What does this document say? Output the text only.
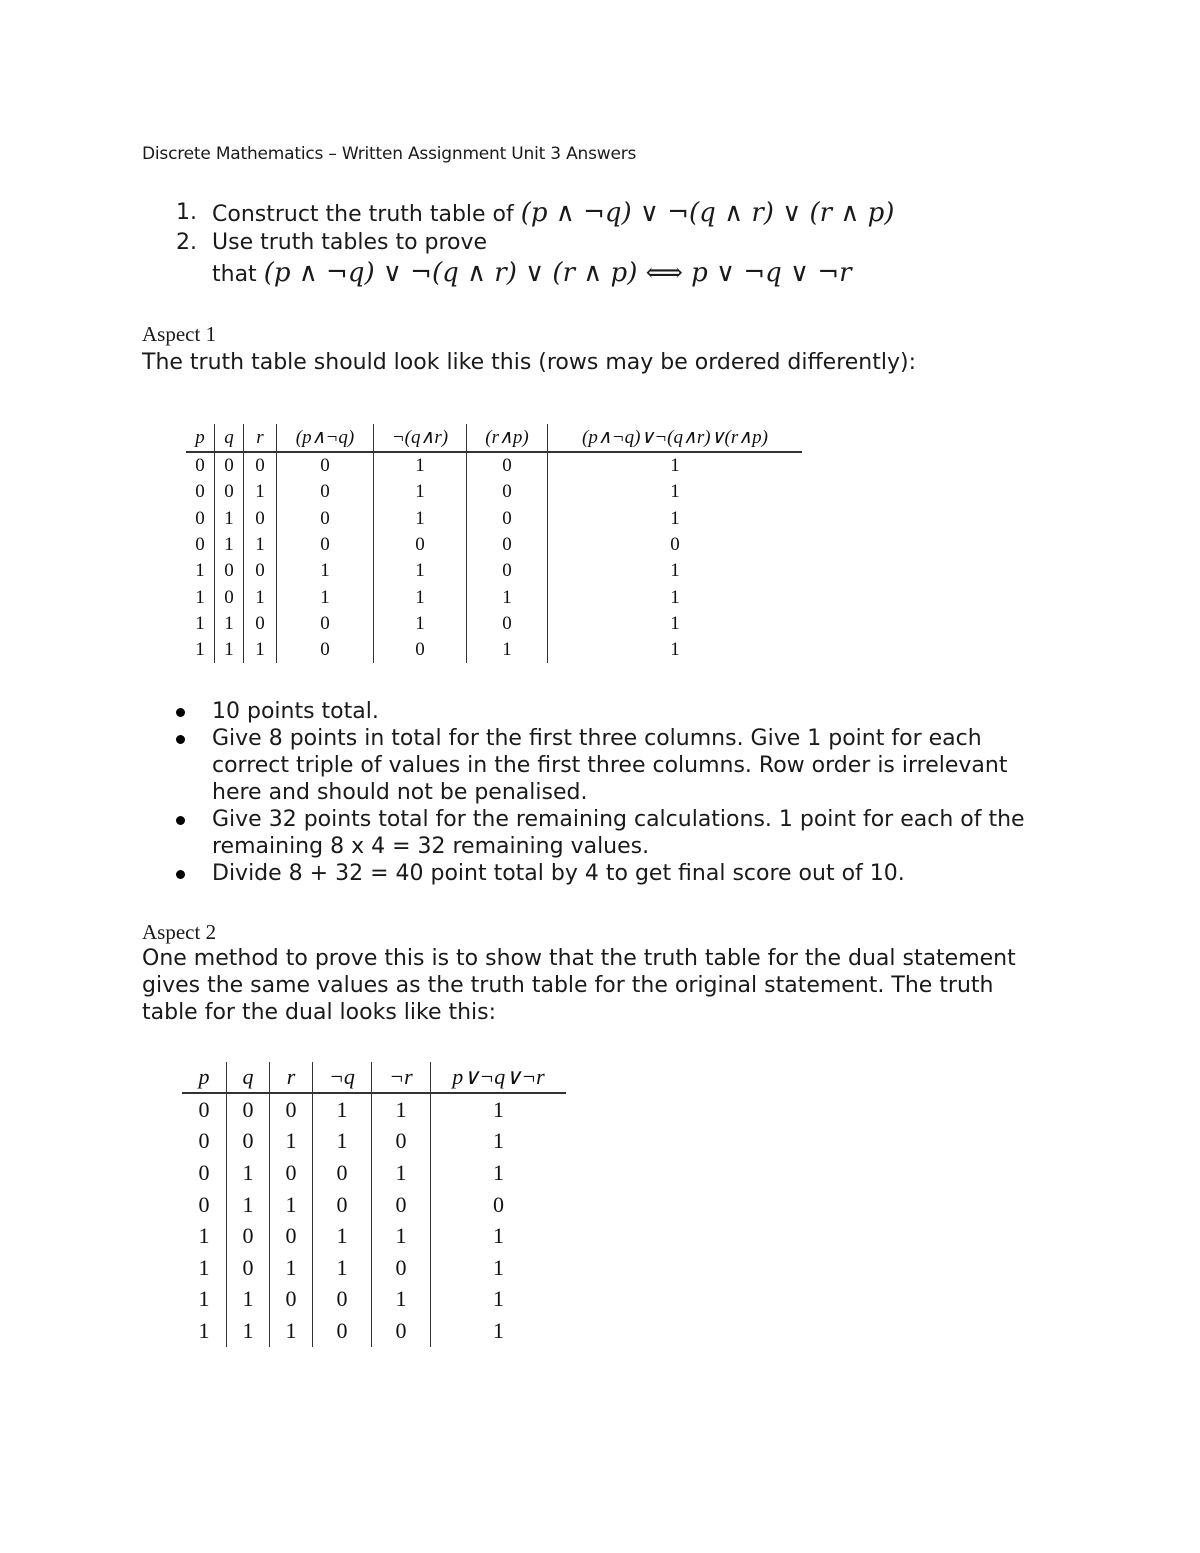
Discrete Mathematics – Written Assignment Unit 3 Answers
1. Construct the truth table of (p ∧ ¬q) ∨ ¬(q ∧ r) ∨ (r ∧ p)
2. Use truth tables to prove
that (p ∧ ¬q) ∨ ¬(q ∧ r) ∨ (r ∧ p) ⟺ p ∨ ¬q ∨ ¬r
Aspect 1
The truth table should look like this (rows may be ordered differently):
p	q	r	(p∧¬q)	¬(q∧r)	(r∧p)	(p∧¬q)∨¬(q∧r)∨(r∧p)
0	0	0	0	1	0	1
0	0	1	0	1	0	1
0	1	0	0	1	0	1
0	1	1	0	0	0	0
1	0	0	1	1	0	1
1	0	1	1	1	1	1
1	1	0	0	1	0	1
1	1	1	0	0	1	1
10 points total.
Give 8 points in total for the first three columns. Give 1 point for each correct triple of values in the first three columns. Row order is irrelevant here and should not be penalised.
Give 32 points total for the remaining calculations. 1 point for each of the remaining 8 x 4 = 32 remaining values.
Divide 8 + 32 = 40 point total by 4 to get final score out of 10.
Aspect 2
One method to prove this is to show that the truth table for the dual statement gives the same values as the truth table for the original statement. The truth table for the dual looks like this:
p	q	r	¬q	¬r	p∨¬q∨¬r
0	0	0	1	1	1
0	0	1	1	0	1
0	1	0	0	1	1
0	1	1	0	0	0
1	0	0	1	1	1
1	0	1	1	0	1
1	1	0	0	1	1
1	1	1	0	0	1
